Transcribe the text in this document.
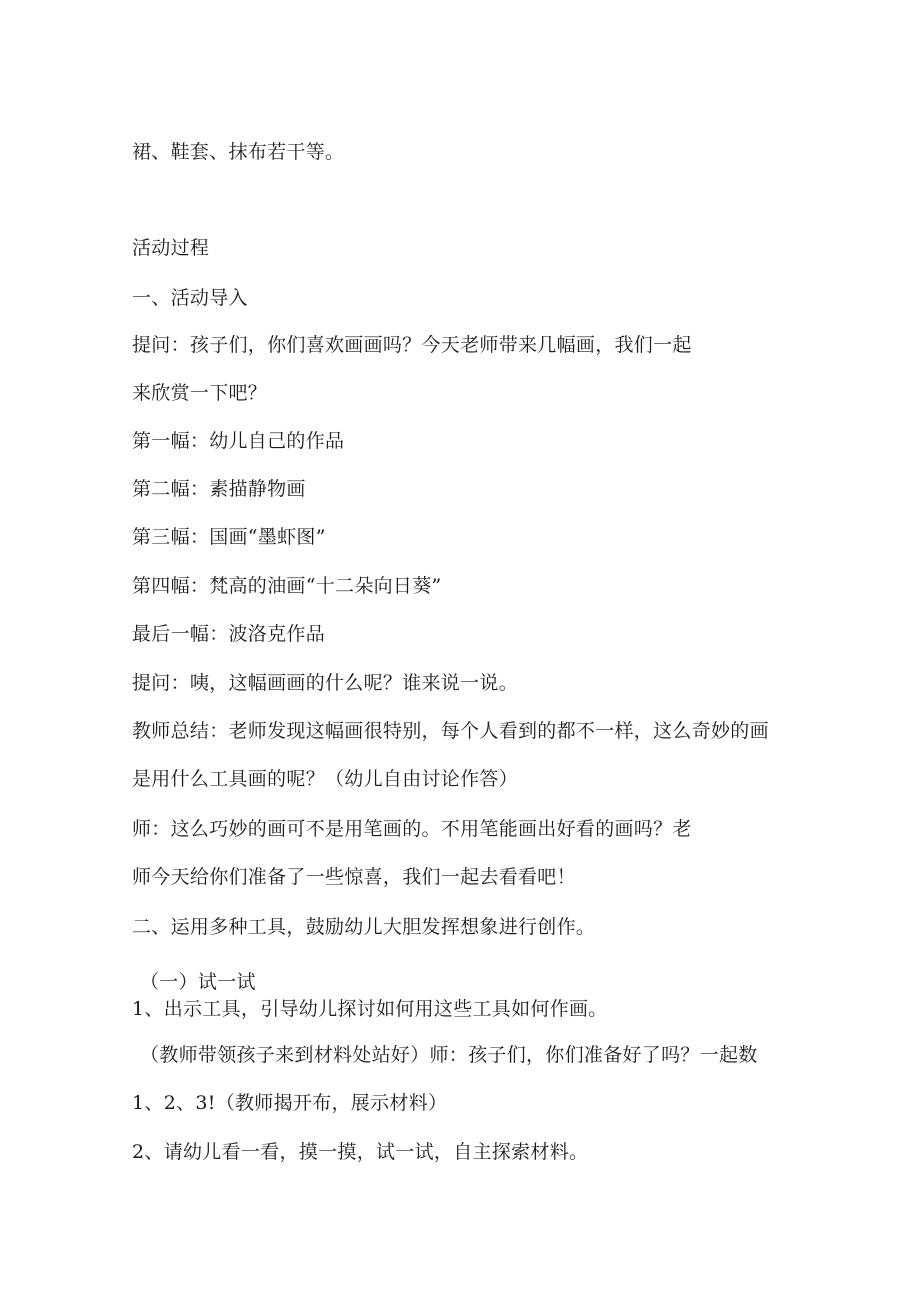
裙、鞋套、抹布若干等。
活动过程
一、活动导入
提问：孩子们，你们喜欢画画吗？今天老师带来几幅画，我们一起
来欣赏一下吧？
第一幅：幼儿自己的作品
第二幅：素描静物画
第三幅：国画“墨虾图”
第四幅：梵高的油画“十二朵向日葵”
最后一幅：波洛克作品
提问：咦，这幅画画的什么呢？谁来说一说。
教师总结：老师发现这幅画很特别，每个人看到的都不一样，这么奇妙的画
是用什么工具画的呢？（幼儿自由讨论作答）
师：这么巧妙的画可不是用笔画的。不用笔能画出好看的画吗？老
师今天给你们准备了一些惊喜，我们一起去看看吧！
二、运用多种工具，鼓励幼儿大胆发挥想象进行创作。
（一）试一试
1、出示工具，引导幼儿探讨如何用这些工具如何作画。
（教师带领孩子来到材料处站好）师：孩子们，你们准备好了吗？一起数
1、2、3!（教师揭开布，展示材料）
2、请幼儿看一看，摸一摸，试一试，自主探索材料。
